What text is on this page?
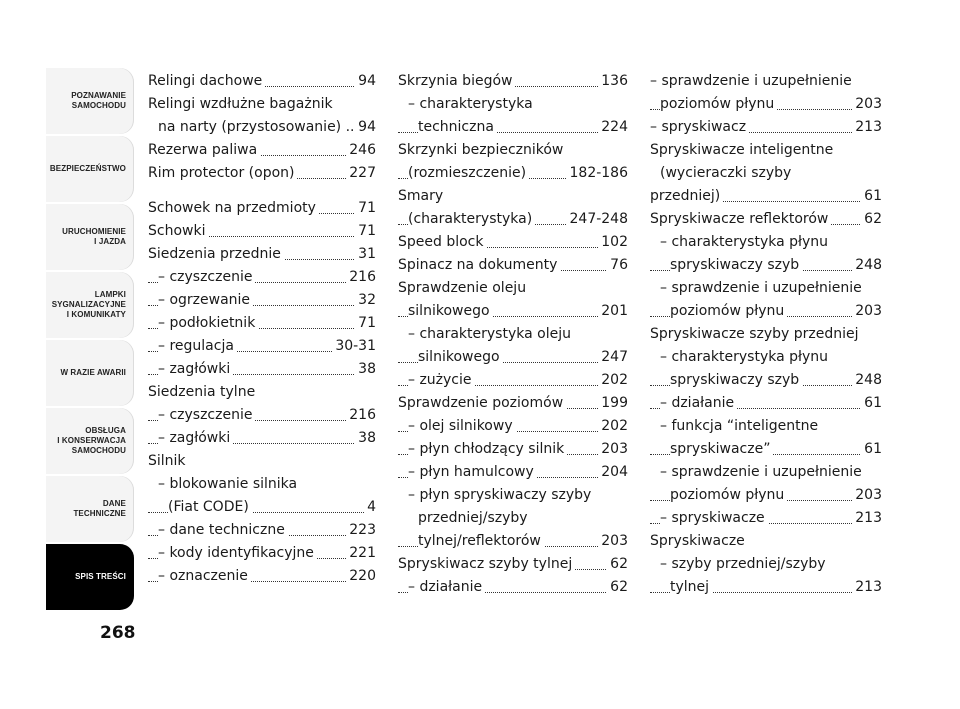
POZNAWANIE
SAMOCHODU
BEZPIECZEŃSTWO
URUCHOMIENIE
I JAZDA
LAMPKI
SYGNALIZACYJNE
I KOMUNIKATY
W RAZIE AWARII
OBSŁUGA
I KONSERWACJA
SAMOCHODU
DANE
TECHNICZNE
SPIS TREŚCI
268
Relingi dachowe	94
Relingi wzdłużne bagażnik
na narty (przystosowanie) .. 94
Rezerwa paliwa	246
Rim protector (opon)	227
Schowek na przedmioty	71
Schowki	71
Siedzenia przednie	31
– czyszczenie	216
– ogrzewanie	32
– podłokietnik	71
– regulacja	30-31
– zagłówki	38
Siedzenia tylne
– czyszczenie	216
– zagłówki	38
Silnik
– blokowanie silnika
(Fiat CODE)	4
– dane techniczne	223
– kody identyfikacyjne	221
– oznaczenie	220
Skrzynia biegów	136
– charakterystyka
techniczna	224
Skrzynki bezpieczników
(rozmieszczenie)	182-186
Smary
(charakterystyka)	247-248
Speed block	102
Spinacz na dokumenty	76
Sprawdzenie oleju
silnikowego	201
– charakterystyka oleju
silnikowego	247
– zużycie	202
Sprawdzenie poziomów	199
– olej silnikowy	202
– płyn chłodzący silnik	203
– płyn hamulcowy	204
– płyn spryskiwaczy szyby
przedniej/szyby
tylnej/reflektorów	203
Spryskiwacz szyby tylnej	62
– działanie	62
– sprawdzenie i uzupełnienie
poziomów płynu	203
– spryskiwacz	213
Spryskiwacze inteligentne
(wycieraczki szyby
przedniej)	61
Spryskiwacze reflektorów	62
– charakterystyka płynu
spryskiwaczy szyb	248
– sprawdzenie i uzupełnienie
poziomów płynu	203
Spryskiwacze szyby przedniej
– charakterystyka płynu
spryskiwaczy szyb	248
– działanie	61
– funkcja “inteligentne
spryskiwacze”	61
– sprawdzenie i uzupełnienie
poziomów płynu	203
– spryskiwacze	213
Spryskiwacze
– szyby przedniej/szyby
tylnej	213
